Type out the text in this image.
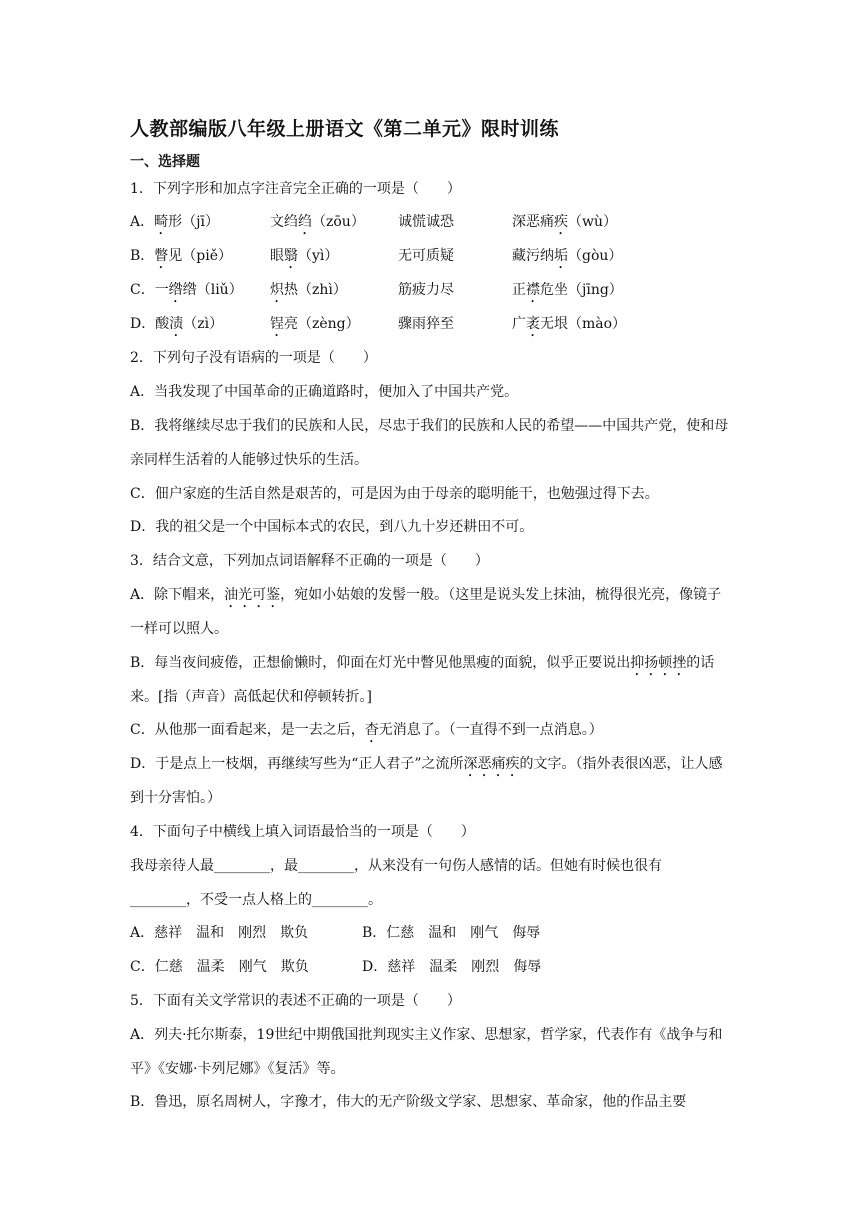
人教部编版八年级上册语文《第二单元》限时训练
一、选择题
1．下列字形和加点字注音完全正确的一项是（　　）
A．畸形（jī）	文绉绉（zōu） 诚慌诚恐	深恶痛疾（wù）
B．瞥见（piě）	眼翳（yì）	无可质疑	藏污纳垢（gòu）
C．一绺绺（liǔ） 炽热（zhì）	筋疲力尽	正襟危坐（jīng）
D．酸渍（zì）	锃亮（zèng）	骤雨猝至	广袤无垠（mào）
2．下列句子没有语病的一项是（　　）
A．当我发现了中国革命的正确道路时，便加入了中国共产党。
B．我将继续尽忠于我们的民族和人民，尽忠于我们的民族和人民的希望——中国共产党，使和母亲同样生活着的人能够过快乐的生活。
C．佃户家庭的生活自然是艰苦的，可是因为由于母亲的聪明能干，也勉强过得下去。
D．我的祖父是一个中国标本式的农民，到八九十岁还耕田不可。
3．结合文意，下列加点词语解释不正确的一项是（　　）
A．除下帽来，油光可鉴，宛如小姑娘的发髻一般。（这里是说头发上抹油，梳得很光亮，像镜子一样可以照人。
B．每当夜间疲倦，正想偷懒时，仰面在灯光中瞥见他黑瘦的面貌，似乎正要说出抑扬顿挫的话来。[指（声音）高低起伏和停顿转折。]
C．从他那一面看起来，是一去之后，杳无消息了。（一直得不到一点消息。）
D．于是点上一枝烟，再继续写些为“正人君子”之流所深恶痛疾的文字。（指外表很凶恶，让人感到十分害怕。）
4．下面句子中横线上填入词语最恰当的一项是（　　）
我母亲待人最________，最________，从来没有一句伤人感情的话。但她有时候也很有________，不受一点人格上的________。
A．慈祥　温和　刚烈　欺负	B．仁慈　温和　刚气　侮辱
C．仁慈　温柔　刚气　欺负	D．慈祥　温柔　刚烈　侮辱
5．下面有关文学常识的表述不正确的一项是（　　）
A．列夫·托尔斯泰，19世纪中期俄国批判现实主义作家、思想家，哲学家，代表作有《战争与和平》《安娜·卡列尼娜》《复活》等。
B．鲁迅，原名周树人，字豫才，伟大的无产阶级文学家、思想家、革命家，他的作品主要
